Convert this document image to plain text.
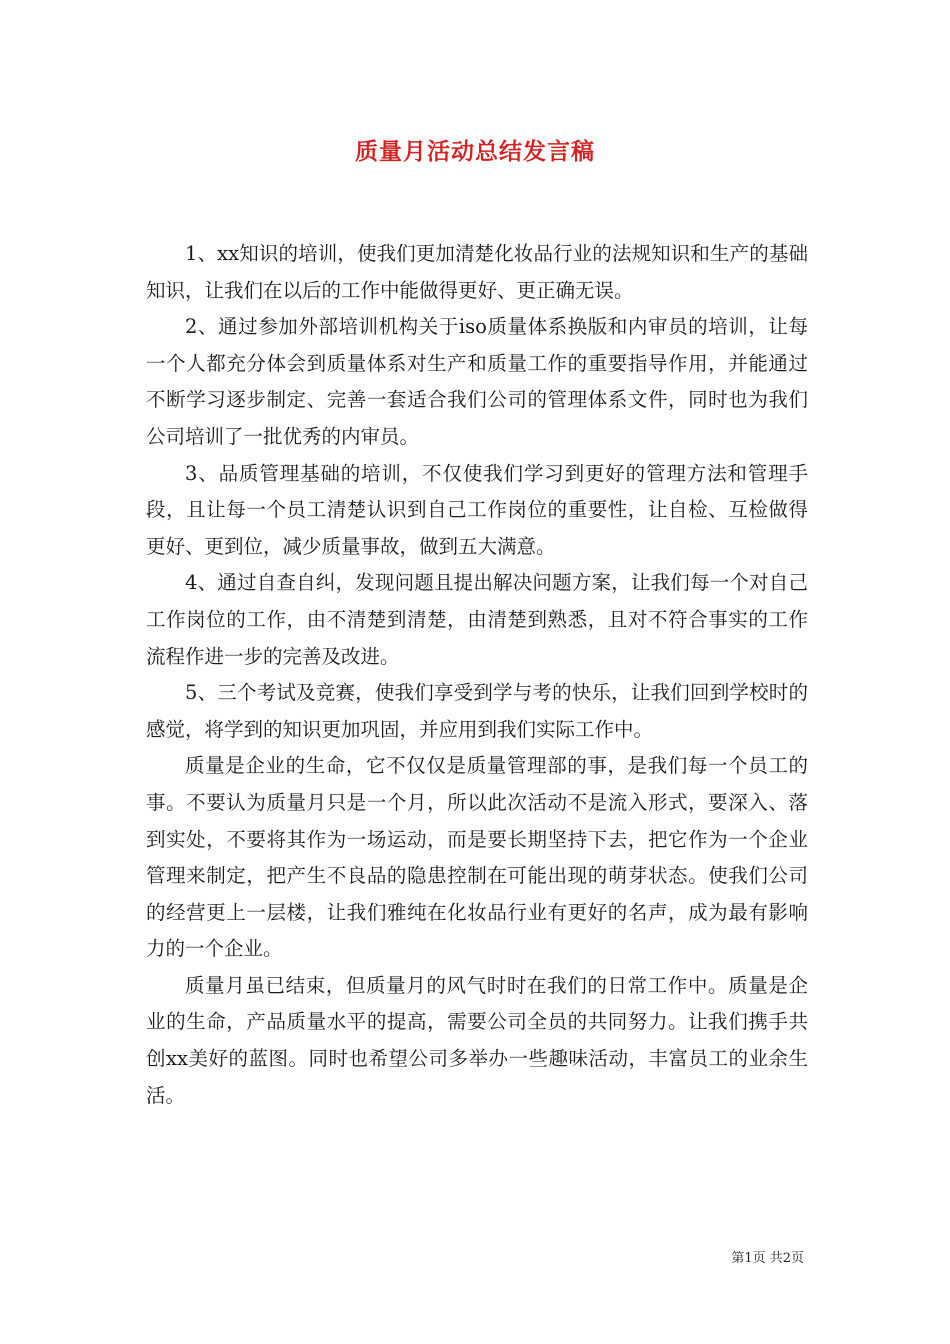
质量月活动总结发言稿

1、xx知识的培训，使我们更加清楚化妆品行业的法规知识和生产的基础知识，让我们在以后的工作中能做得更好、更正确无误。

2、通过参加外部培训机构关于iso质量体系换版和内审员的培训，让每一个人都充分体会到质量体系对生产和质量工作的重要指导作用，并能通过不断学习逐步制定、完善一套适合我们公司的管理体系文件，同时也为我们公司培训了一批优秀的内审员。

3、品质管理基础的培训，不仅使我们学习到更好的管理方法和管理手段，且让每一个员工清楚认识到自己工作岗位的重要性，让自检、互检做得更好、更到位，减少质量事故，做到五大满意。

4、通过自查自纠，发现问题且提出解决问题方案，让我们每一个对自己工作岗位的工作，由不清楚到清楚，由清楚到熟悉，且对不符合事实的工作流程作进一步的完善及改进。

5、三个考试及竞赛，使我们享受到学与考的快乐，让我们回到学校时的感觉，将学到的知识更加巩固，并应用到我们实际工作中。

质量是企业的生命，它不仅仅是质量管理部的事，是我们每一个员工的事。不要认为质量月只是一个月，所以此次活动不是流入形式，要深入、落到实处，不要将其作为一场运动，而是要长期坚持下去，把它作为一个企业管理来制定，把产生不良品的隐患控制在可能出现的萌芽状态。使我们公司的经营更上一层楼，让我们雅纯在化妆品行业有更好的名声，成为最有影响力的一个企业。

质量月虽已结束，但质量月的风气时时在我们的日常工作中。质量是企业的生命，产品质量水平的提高，需要公司全员的共同努力。让我们携手共创xx美好的蓝图。同时也希望公司多举办一些趣味活动，丰富员工的业余生活。

第1页 共2页
